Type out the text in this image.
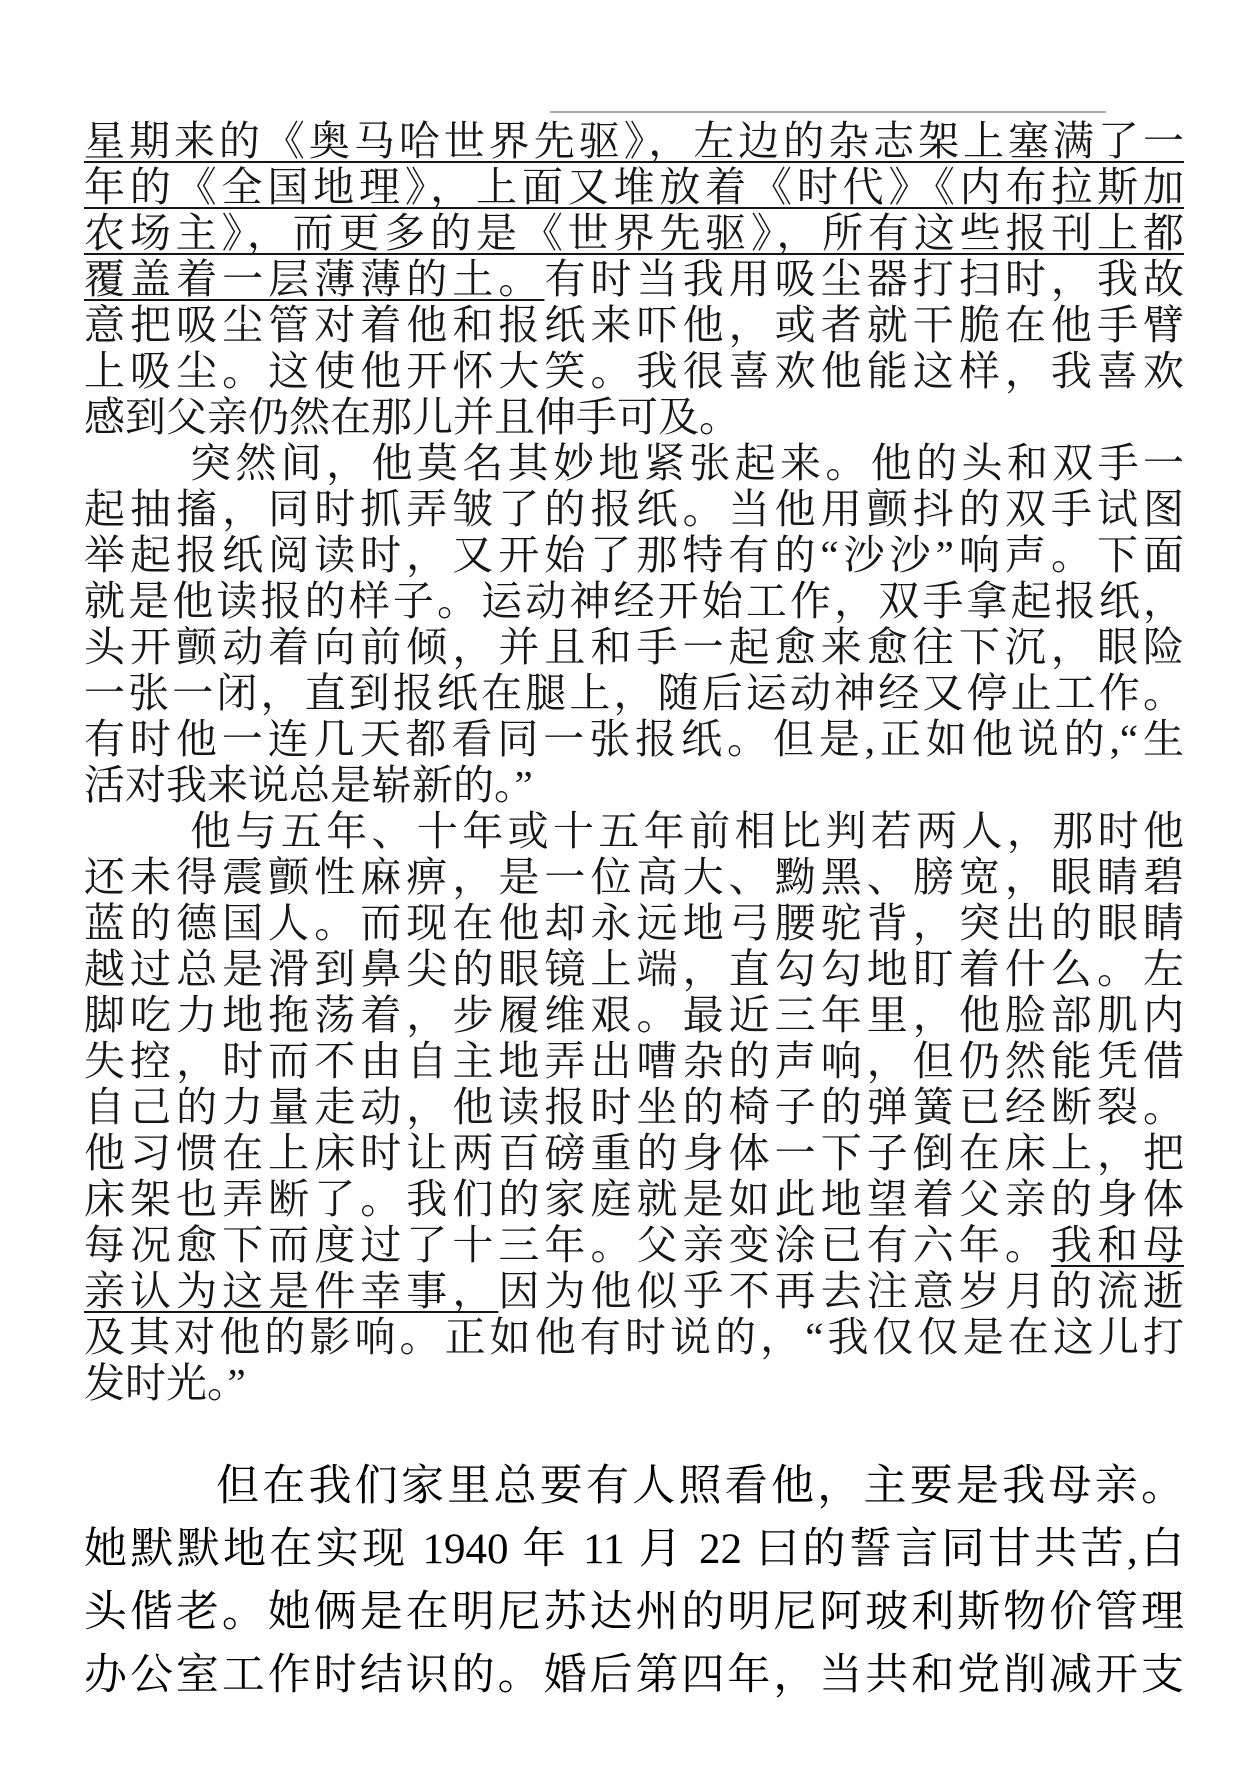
星期来的《奥马哈世界先驱》，左边的杂志架上塞满了一
年的《全国地理》，上面又堆放着《时代》《内布拉斯加
农场主》，而更多的是《世界先驱》，所有这些报刊上都
覆盖着一层薄薄的土。有时当我用吸尘器打扫时，我故
意把吸尘管对着他和报纸来吓他，或者就干脆在他手臂
上吸尘。这使他开怀大笑。我很喜欢他能这样，我喜欢
感到父亲仍然在那儿并且伸手可及。
突然间，他莫名其妙地紧张起来。他的头和双手一
起抽搐，同时抓弄皱了的报纸。当他用颤抖的双手试图
举起报纸阅读时，又开始了那特有的“沙沙”响声。下面
就是他读报的样子。运动神经开始工作，双手拿起报纸，
头开颤动着向前倾，并且和手一起愈来愈往下沉，眼险
一张一闭，直到报纸在腿上，随后运动神经又停止工作。
有时他一连几天都看同一张报纸。但是,正如他说的,“生
活对我来说总是崭新的。”
他与五年、十年或十五年前相比判若两人，那时他
还未得震颤性麻痹，是一位高大、黝黑、膀宽，眼睛碧
蓝的德国人。而现在他却永远地弓腰驼背，突出的眼睛
越过总是滑到鼻尖的眼镜上端，直勾勾地盯着什么。左
脚吃力地拖荡着，步履维艰。最近三年里，他脸部肌内
失控，时而不由自主地弄出嘈杂的声响，但仍然能凭借
自己的力量走动，他读报时坐的椅子的弹簧已经断裂。
他习惯在上床时让两百磅重的身体一下子倒在床上，把
床架也弄断了。我们的家庭就是如此地望着父亲的身体
每况愈下而度过了十三年。父亲变涂已有六年。我和母
亲认为这是件幸事，因为他似乎不再去注意岁月的流逝
及其对他的影响。正如他有时说的，“我仅仅是在这儿打
发时光。”
但在我们家里总要有人照看他，主要是我母亲。
她默默地在实现 1940 年 11 月 22 曰的誓言同甘共苦,白
头偕老。她俩是在明尼苏达州的明尼阿玻利斯物价管理
办公室工作时结识的。婚后第四年，当共和党削减开支
